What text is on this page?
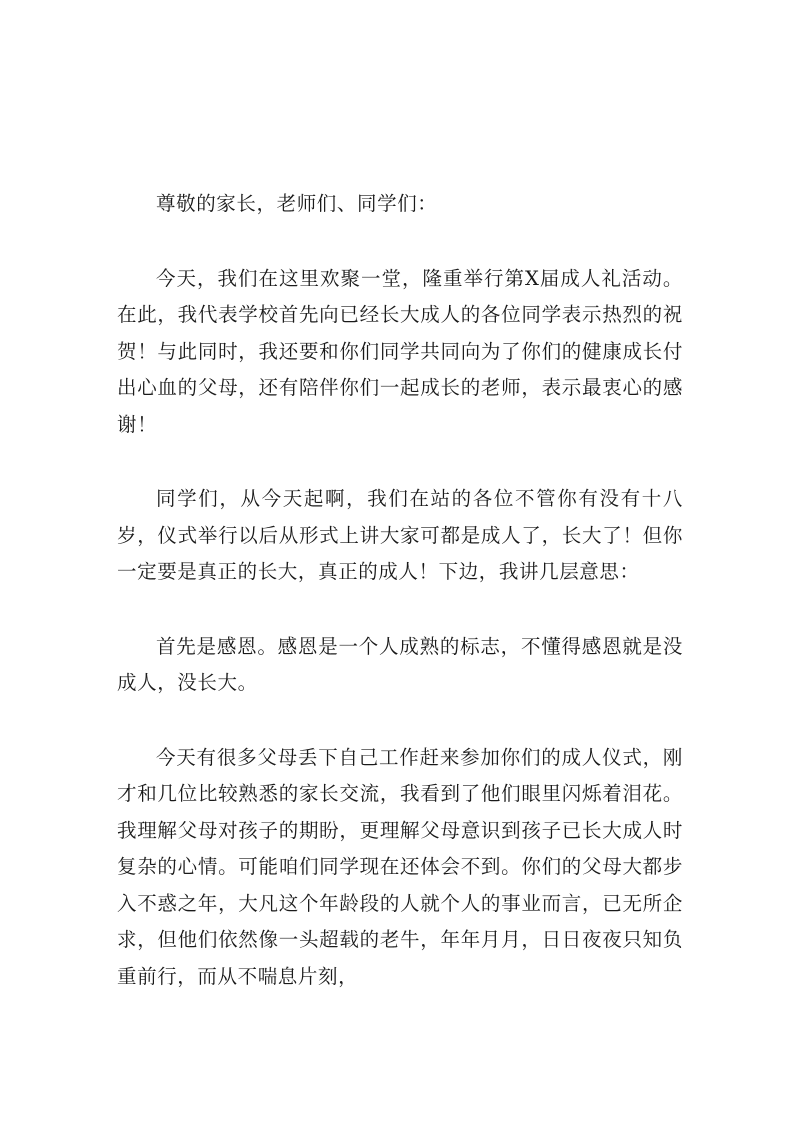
尊敬的家长，老师们、同学们：

今天，我们在这里欢聚一堂，隆重举行第X届成人礼活动。在此，我代表学校首先向已经长大成人的各位同学表示热烈的祝贺！与此同时，我还要和你们同学共同向为了你们的健康成长付出心血的父母，还有陪伴你们一起成长的老师，表示最衷心的感谢！

同学们，从今天起啊，我们在站的各位不管你有没有十八岁，仪式举行以后从形式上讲大家可都是成人了，长大了！但你一定要是真正的长大，真正的成人！下边，我讲几层意思：

首先是感恩。感恩是一个人成熟的标志，不懂得感恩就是没成人，没长大。

今天有很多父母丢下自己工作赶来参加你们的成人仪式，刚才和几位比较熟悉的家长交流，我看到了他们眼里闪烁着泪花。我理解父母对孩子的期盼，更理解父母意识到孩子已长大成人时复杂的心情。可能咱们同学现在还体会不到。你们的父母大都步入不惑之年，大凡这个年龄段的人就个人的事业而言，已无所企求，但他们依然像一头超载的老牛，年年月月，日日夜夜只知负重前行，而从不喘息片刻，
